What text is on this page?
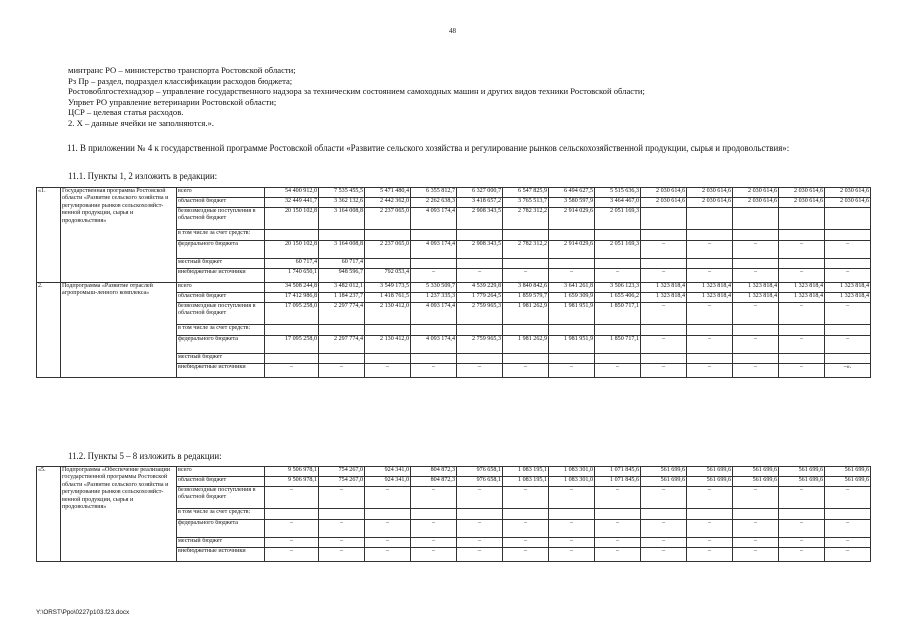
48
минтранс РО – министерство транспорта Ростовской области;
Рз Пр – раздел, подраздел классификации расходов бюджета;
Ростовоблгостехнадзор – управление государственного надзора за техническим состоянием самоходных машин и других видов техники Ростовской области;
Упрвет РО управление ветеринарии Ростовской области;
ЦСР – целевая статья расходов.
2. Х – данные ячейки не заполняются.».
11. В приложении № 4 к государственной программе Ростовской области «Развитие сельского хозяйства и регулирование рынков сельскохозяйственной продукции, сырья и продовольствия»:
11.1. Пункты 1, 2 изложить в редакции:
«1.	Государственная программа Ростовской области «Развитие сельского хозяйства и регулирование рынков сельскохозяйст-венной продукции, сырья и продовольствия»	всего	54 400 912,0	7 535 455,5	5 471 480,4	6 355 812,7	6 327 000,7	6 547 825,9	6 494 627,5	5 515 636,3	2 030 614,6	2 030 614,6	2 030 614,6	2 030 614,6	2 030 614,6
		областной бюджет	32 449 441,7	3 362 132,6	2 442 362,0	2 262 638,3	3 418 657,2	3 765 513,7	3 580 597,9	3 464 467,0	2 030 614,6	2 030 614,6	2 030 614,6	2 030 614,6	2 030 614,6
		безвозмездные поступления в областной бюджет	20 150 102,8	3 164 008,8	2 237 065,0	4 093 174,4	2 908 343,5	2 782 312,2	2 914 029,6	2 051 169,3					
		в том числе за счет средств:													
		федерального бюджета	20 150 102,8	3 164 008,8	2 237 065,0	4 093 174,4	2 908 343,5	2 782 312,2	2 914 029,6	2 051 169,3	–	–	–	–	–
		местный бюджет	60 717,4	60 717,4											
		внебюджетные источники	1 740 650,1	948 596,7	792 053,4	–	–	–	–	–	–	–	–	–	–
2.	Подпрограмма «Развитие отраслей агропромыш-ленного комплекса»	всего	34 508 244,8	3 482 012,1	3 549 173,5	5 330 509,7	4 539 229,8	3 840 842,6	3 641 261,8	3 506 123,3	1 323 818,4	1 323 818,4	1 323 818,4	1 323 818,4	1 323 818,4
		областной бюджет	17 412 986,8	1 184 237,7	1 418 761,5	1 237 335,3	1 779 264,5	1 859 579,7	1 659 309,9	1 655 406,2	1 323 818,4	1 323 818,4	1 323 818,4	1 323 818,4	1 323 818,4
		безвозмездные поступления в областной бюджет	17 095 258,0	2 297 774,4	2 130 412,0	4 093 174,4	2 759 965,3	1 981 262,9	1 981 951,9	1 850 717,1	–	–	–	–	–
		в том числе за счет средств:													
		федерального бюджета	17 095 258,0	2 297 774,4	2 130 412,0	4 093 174,4	2 759 965,3	1 981 262,9	1 981 951,9	1 850 717,1	–	–	–	–	–
		местный бюджет													
		внебюджетные источники	–	–	–	–	–	–	–	–	–	–	–	–	–».
11.2. Пункты 5 – 8 изложить в редакции:
«5.	Подпрограмма «Обеспечение реализации государственной программы Ростовской области «Развитие сельского хозяйства и регулирование рынков сельскохозяйст-венной продукции, сырья и продовольствия»	всего	9 506 978,1	754 267,0	924 341,0	804 872,3	976 658,1	1 083 195,1	1 083 301,0	1 071 845,6	561 699,6	561 699,6	561 699,6	561 699,6	561 699,6
		областной бюджет	9 506 978,1	754 267,0	924 341,0	804 872,3	976 658,1	1 083 195,1	1 083 301,0	1 071 845,6	561 699,6	561 699,6	561 699,6	561 699,6	561 699,6
		безвозмездные поступления в областной бюджет	–	–	–	–	–	–	–	–	–	–	–	–	–
		в том числе за счет средств:													
		федерального бюджета	–	–	–	–	–	–	–	–	–	–	–	–	–
		местный бюджет	–	–	–	–	–	–	–	–	–	–	–	–	–
		внебюджетные источники	–	–	–	–	–	–	–	–	–	–	–	–	–
Y:\ORST\Ppo\0227p103.f23.docx
